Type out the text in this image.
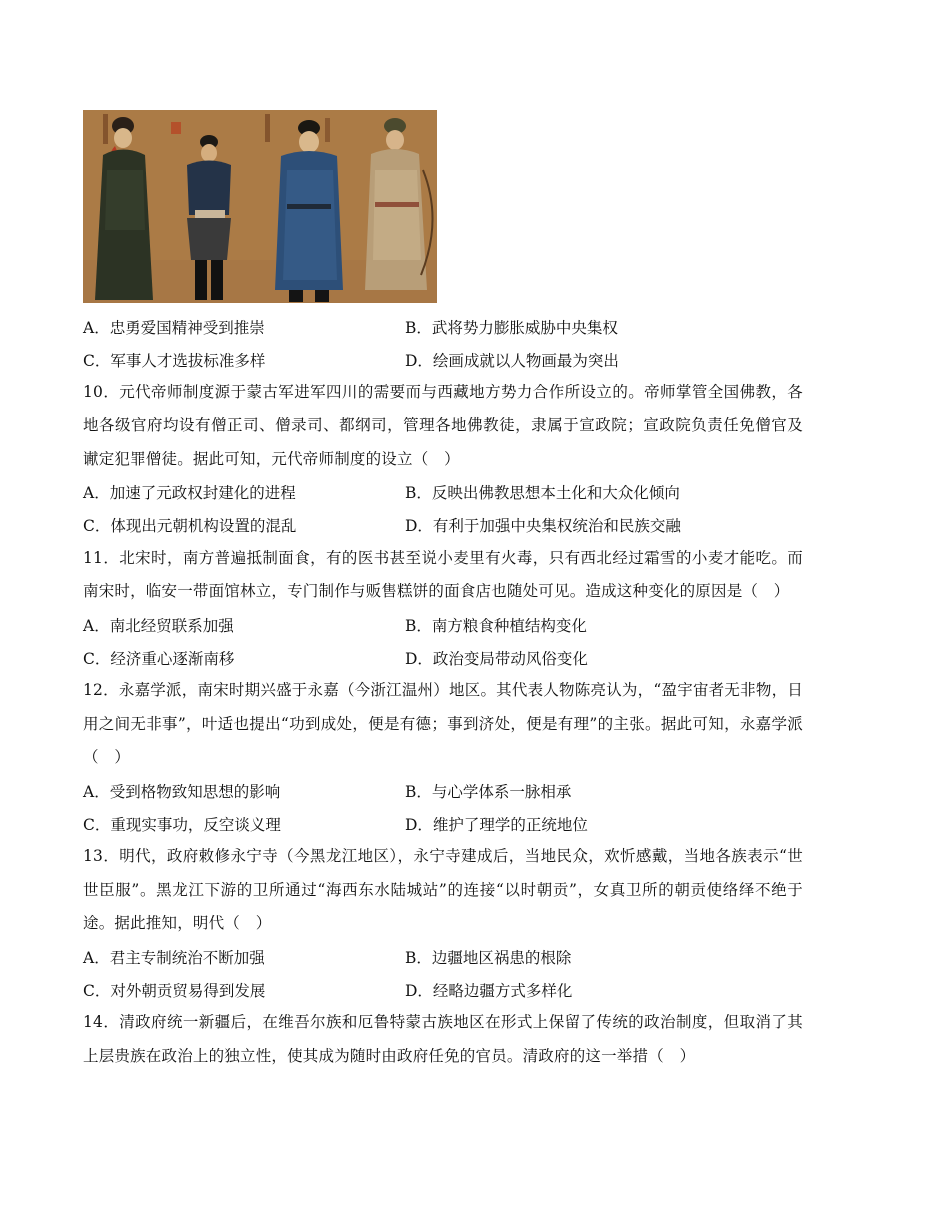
A．忠勇爱国精神受到推崇	B．武将势力膨胀威胁中央集权
C．军事人才选拔标准多样	D．绘画成就以人物画最为突出
10．元代帝师制度源于蒙古军进军四川的需要而与西藏地方势力合作所设立的。帝师掌管全国佛教，各地各级官府均设有僧正司、僧录司、都纲司，管理各地佛教徒，隶属于宣政院；宣政院负责任免僧官及谳定犯罪僧徒。据此可知，元代帝师制度的设立（　）
A．加速了元政权封建化的进程	B．反映出佛教思想本土化和大众化倾向
C．体现出元朝机构设置的混乱	D．有利于加强中央集权统治和民族交融
11．北宋时，南方普遍抵制面食，有的医书甚至说小麦里有火毒，只有西北经过霜雪的小麦才能吃。而南宋时，临安一带面馆林立，专门制作与贩售糕饼的面食店也随处可见。造成这种变化的原因是（　）
A．南北经贸联系加强	B．南方粮食种植结构变化
C．经济重心逐渐南移	D．政治变局带动风俗变化
12．永嘉学派，南宋时期兴盛于永嘉（今浙江温州）地区。其代表人物陈亮认为，“盈宇宙者无非物，日用之间无非事”，叶适也提出“功到成处，便是有德；事到济处，便是有理”的主张。据此可知，永嘉学派（　）
A．受到格物致知思想的影响	B．与心学体系一脉相承
C．重现实事功，反空谈义理	D．维护了理学的正统地位
13．明代，政府敕修永宁寺（今黑龙江地区），永宁寺建成后，当地民众，欢忻感戴，当地各族表示“世世臣服”。黑龙江下游的卫所通过“海西东水陆城站”的连接“以时朝贡”，女真卫所的朝贡使络绎不绝于途。据此推知，明代（　）
A．君主专制统治不断加强	B．边疆地区祸患的根除
C．对外朝贡贸易得到发展	D．经略边疆方式多样化
14．清政府统一新疆后，在维吾尔族和厄鲁特蒙古族地区在形式上保留了传统的政治制度，但取消了其上层贵族在政治上的独立性，使其成为随时由政府任免的官员。清政府的这一举措（　）
